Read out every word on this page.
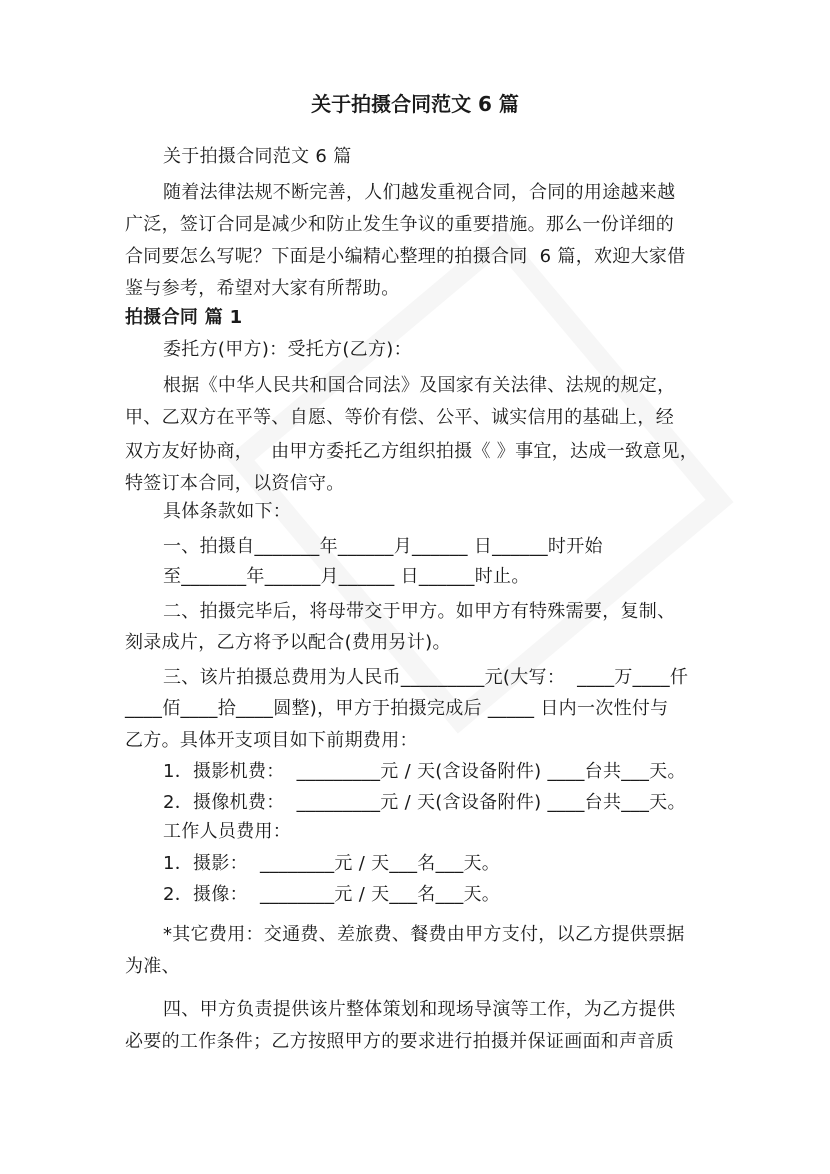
关于拍摄合同范文 6 篇
关于拍摄合同范文 6 篇
随着法律法规不断完善，人们越发重视合同，合同的用途越来越
广泛，签订合同是减少和防止发生争议的重要措施。那么一份详细的
合同要怎么写呢？下面是小编精心整理的拍摄合同  6 篇，欢迎大家借
鉴与参考，希望对大家有所帮助。
拍摄合同 篇 1
委托方(甲方)：受托方(乙方)：
根据《中华人民共和国合同法》及国家有关法律、法规的规定，
甲、乙双方在平等、自愿、等价有偿、公平、诚实信用的基础上，经
双方友好协商，   由甲方委托乙方组织拍摄《 》事宜，达成一致意见，
特签订本合同，以资信守。
具体条款如下：
一、拍摄自_______年______月______ 日______时开始
至_______年______月______ 日______时止。
二、拍摄完毕后，将母带交于甲方。如甲方有特殊需要，复制、
刻录成片，乙方将予以配合(费用另计)。
三、该片拍摄总费用为人民币_________元(大写：  ____万____仟
____佰____拾____圆整)，甲方于拍摄完成后 _____ 日内一次性付与
乙方。具体开支项目如下前期费用：
1．摄影机费：  _________元 / 天(含设备附件) ____台共___天。
2．摄像机费：  _________元 / 天(含设备附件) ____台共___天。
工作人员费用：
1．摄影：  ________元 / 天___名___天。
2．摄像：  ________元 / 天___名___天。
*其它费用：交通费、差旅费、餐费由甲方支付，以乙方提供票据
为准、
四、甲方负责提供该片整体策划和现场导演等工作，为乙方提供
必要的工作条件；乙方按照甲方的要求进行拍摄并保证画面和声音质
